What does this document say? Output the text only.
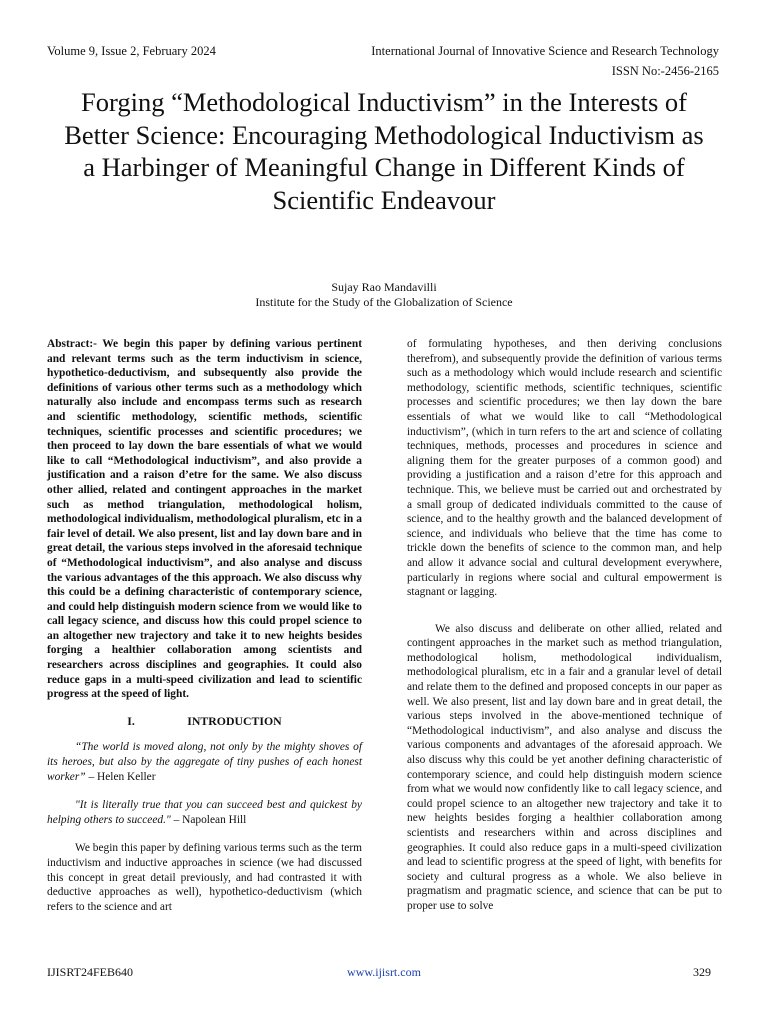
Volume 9, Issue 2, February 2024	International Journal of Innovative Science and Research Technology
ISSN No:-2456-2165
Forging “Methodological Inductivism” in the Interests of Better Science: Encouraging Methodological Inductivism as a Harbinger of Meaningful Change in Different Kinds of Scientific Endeavour
Sujay Rao Mandavilli
Institute for the Study of the Globalization of Science

Abstract:- We begin this paper by defining various pertinent and relevant terms such as the term inductivism in science, hypothetico-deductivism, and subsequently also provide the definitions of various other terms such as a methodology which naturally also include and encompass terms such as research and scientific methodology, scientific methods, scientific techniques, scientific processes and scientific procedures; we then proceed to lay down the bare essentials of what we would like to call “Methodological inductivism”, and also provide a justification and a raison d’etre for the same. We also discuss other allied, related and contingent approaches in the market such as method triangulation, methodological holism, methodological individualism, methodological pluralism, etc in a fair level of detail. We also present, list and lay down bare and in great detail, the various steps involved in the aforesaid technique of “Methodological inductivism”, and also analyse and discuss the various advantages of the this approach. We also discuss why this could be a defining characteristic of contemporary science, and could help distinguish modern science from we would like to call legacy science, and discuss how this could propel science to an altogether new trajectory and take it to new heights besides forging a healthier collaboration among scientists and researchers across disciplines and geographies. It could also reduce gaps in a multi-speed civilization and lead to scientific progress at the speed of light.

I.	INTRODUCTION

“The world is moved along, not only by the mighty shoves of its heroes, but also by the aggregate of tiny pushes of each honest worker” – Helen Keller

"It is literally true that you can succeed best and quickest by helping others to succeed." – Napolean Hill

We begin this paper by defining various terms such as the term inductivism and inductive approaches in science (we had discussed this concept in great detail previously, and had contrasted it with deductive approaches as well), hypothetico-deductivism (which refers to the science and art

of formulating hypotheses, and then deriving conclusions therefrom), and subsequently provide the definition of various terms such as a methodology which would include research and scientific methodology, scientific methods, scientific techniques, scientific processes and scientific procedures; we then lay down the bare essentials of what we would like to call “Methodological inductivism”, (which in turn refers to the art and science of collating techniques, methods, processes and procedures in science and aligning them for the greater purposes of a common good) and providing a justification and a raison d’etre for this approach and technique. This, we believe must be carried out and orchestrated by a small group of dedicated individuals committed to the cause of science, and to the healthy growth and the balanced development of science, and individuals who believe that the time has come to trickle down the benefits of science to the common man, and help and allow it advance social and cultural development everywhere, particularly in regions where social and cultural empowerment is stagnant or lagging.

We also discuss and deliberate on other allied, related and contingent approaches in the market such as method triangulation, methodological holism, methodological individualism, methodological pluralism, etc in a fair and a granular level of detail and relate them to the defined and proposed concepts in our paper as well. We also present, list and lay down bare and in great detail, the various steps involved in the above-mentioned technique of “Methodological inductivism”, and also analyse and discuss the various components and advantages of the aforesaid approach. We also discuss why this could be yet another defining characteristic of contemporary science, and could help distinguish modern science from what we would now confidently like to call legacy science, and could propel science to an altogether new trajectory and take it to new heights besides forging a healthier collaboration among scientists and researchers within and across disciplines and geographies. It could also reduce gaps in a multi-speed civilization and lead to scientific progress at the speed of light, with benefits for society and cultural progress as a whole. We also believe in pragmatism and pragmatic science, and science that can be put to proper use to solve

IJISRT24FEB640	www.ijisrt.com	329
